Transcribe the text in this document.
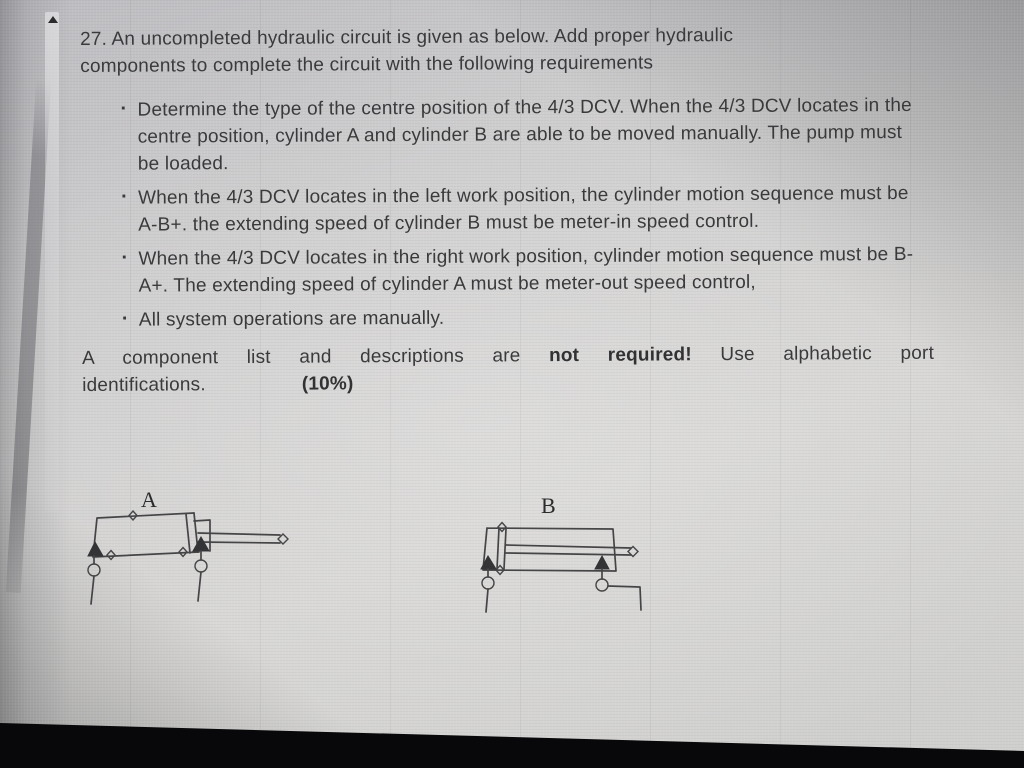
27. An uncompleted hydraulic circuit is given as below. Add proper hydraulic components to complete the circuit with the following requirements

· Determine the type of the centre position of the 4/3 DCV. When the 4/3 DCV locates in the centre position, cylinder A and cylinder B are able to be moved manually. The pump must be loaded.
· When the 4/3 DCV locates in the left work position, the cylinder motion sequence must be A-B+. the extending speed of cylinder B must be meter-in speed control.
· When the 4/3 DCV locates in the right work position, cylinder motion sequence must be B-A+. The extending speed of cylinder A must be meter-out speed control,
· All system operations are manually.
A component list and descriptions are not required! Use alphabetic port
identifications.	(10%)
A	B
